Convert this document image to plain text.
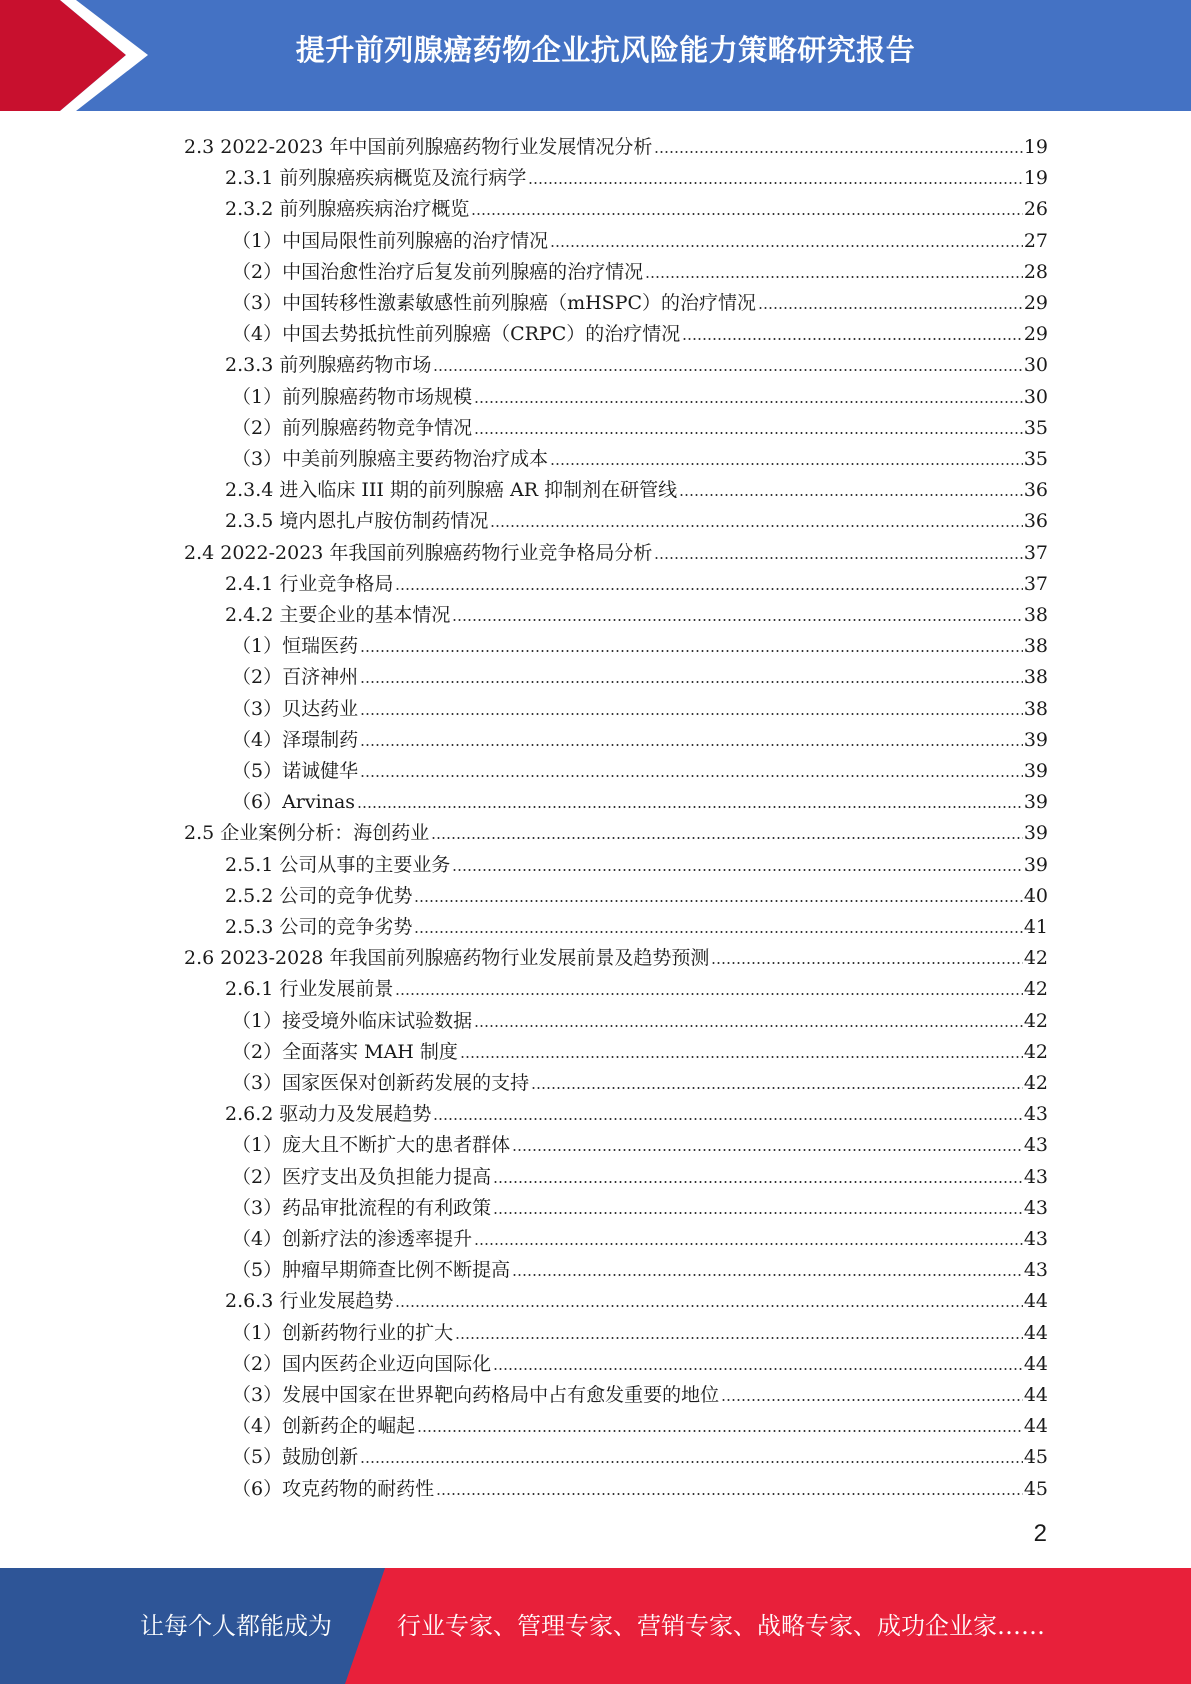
提升前列腺癌药物企业抗风险能力策略研究报告
2.3 2022-2023 年中国前列腺癌药物行业发展情况分析	19
2.3.1 前列腺癌疾病概览及流行病学	19
2.3.2 前列腺癌疾病治疗概览	26
（1）中国局限性前列腺癌的治疗情况	27
（2）中国治愈性治疗后复发前列腺癌的治疗情况	28
（3）中国转移性激素敏感性前列腺癌（mHSPC）的治疗情况	29
（4）中国去势抵抗性前列腺癌（CRPC）的治疗情况	29
2.3.3 前列腺癌药物市场	30
（1）前列腺癌药物市场规模	30
（2）前列腺癌药物竞争情况	35
（3）中美前列腺癌主要药物治疗成本	35
2.3.4 进入临床 III 期的前列腺癌 AR 抑制剂在研管线	36
2.3.5 境内恩扎卢胺仿制药情况	36
2.4 2022-2023 年我国前列腺癌药物行业竞争格局分析	37
2.4.1 行业竞争格局	37
2.4.2 主要企业的基本情况	38
（1）恒瑞医药	38
（2）百济神州	38
（3）贝达药业	38
（4）泽璟制药	39
（5）诺诚健华	39
（6）Arvinas	39
2.5 企业案例分析：海创药业	39
2.5.1 公司从事的主要业务	39
2.5.2 公司的竞争优势	40
2.5.3 公司的竞争劣势	41
2.6 2023-2028 年我国前列腺癌药物行业发展前景及趋势预测	42
2.6.1 行业发展前景	42
（1）接受境外临床试验数据	42
（2）全面落实 MAH 制度	42
（3）国家医保对创新药发展的支持	42
2.6.2 驱动力及发展趋势	43
（1）庞大且不断扩大的患者群体	43
（2）医疗支出及负担能力提高	43
（3）药品审批流程的有利政策	43
（4）创新疗法的渗透率提升	43
（5）肿瘤早期筛查比例不断提高	43
2.6.3 行业发展趋势	44
（1）创新药物行业的扩大	44
（2）国内医药企业迈向国际化	44
（3）发展中国家在世界靶向药格局中占有愈发重要的地位	44
（4）创新药企的崛起	44
（5）鼓励创新	45
（6）攻克药物的耐药性	45
2
让每个人都能成为	行业专家、管理专家、营销专家、战略专家、成功企业家……
